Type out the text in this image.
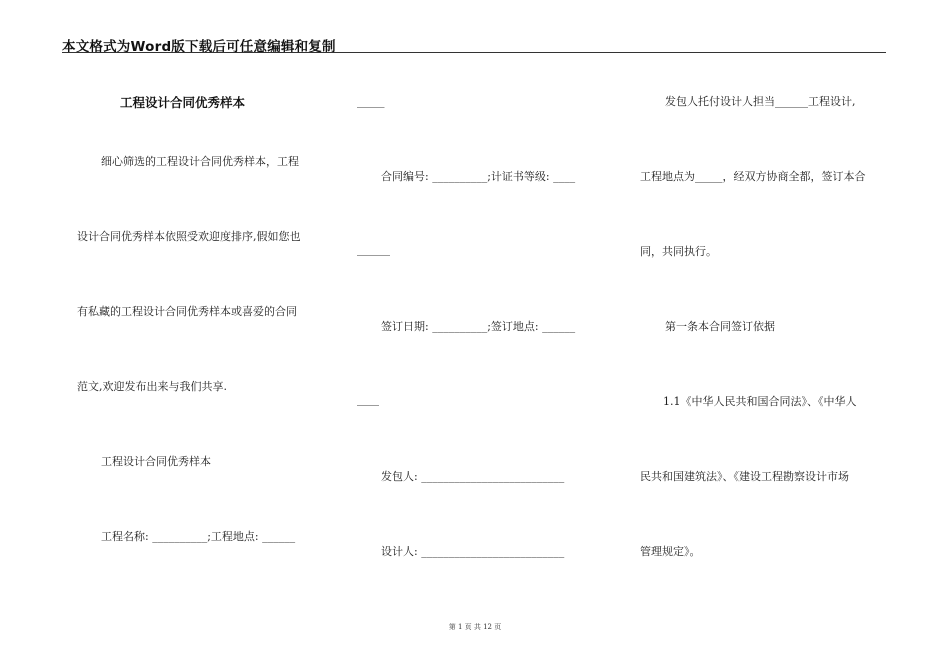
本文格式为Word版下载后可任意编辑和复制
工程设计合同优秀样本
细心筛选的工程设计合同优秀样本，工程
设计合同优秀样本依照受欢迎度排序,假如您也
有私藏的工程设计合同优秀样本或喜爱的合同
范文,欢迎发布出来与我们共享.
工程设计合同优秀样本
工程名称: __________;工程地点: ______
_____
合同编号: __________;计证书等级: ____
______
签订日期: __________;签订地点: ______
____
发包人: __________________________
设计人: __________________________
发包人托付设计人担当______工程设计,
工程地点为_____，经双方协商全都，签订本合
同，共同执行。
第一条本合同签订依据
1.1《中华人民共和国合同法》、《中华人
民共和国建筑法》、《建设工程勘察设计市场
管理规定》。
第 1 页 共 12 页
